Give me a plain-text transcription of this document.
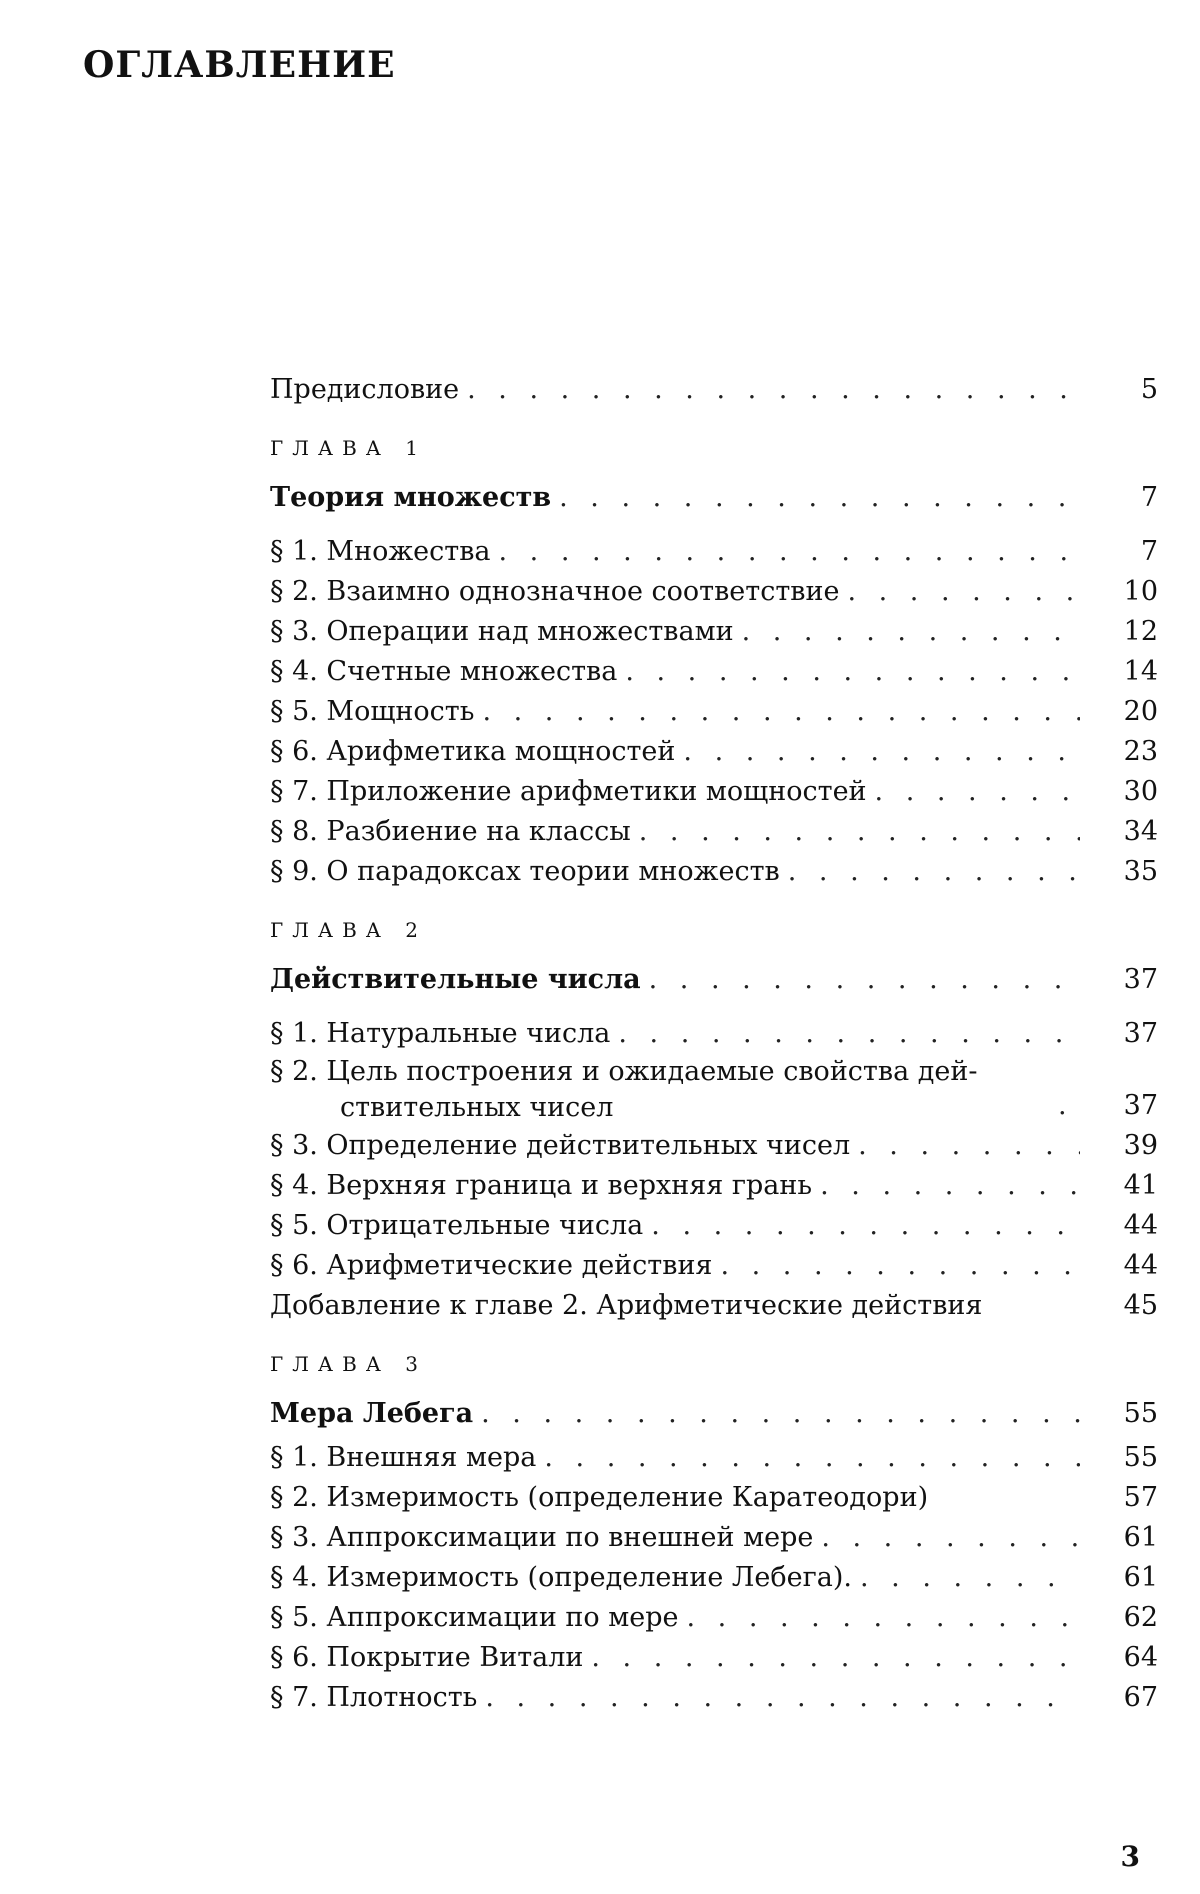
ОГЛАВЛЕНИЕ
Предисловие . . .	5
ГЛАВА 1
Теория множеств . . .	7
§ 1. Множества . . .	7
§ 2. Взаимно однозначное соответствие . . .	10
§ 3. Операции над множествами . . .	12
§ 4. Счетные множества . . .	14
§ 5. Мощность . . .	20
§ 6. Арифметика мощностей . . .	23
§ 7. Приложение арифметики мощностей . . .	30
§ 8. Разбиение на классы . . .	34
§ 9. О парадоксах теории множеств . . .	35
ГЛАВА 2
Действительные числа . . .	37
§ 1. Натуральные числа . . .	37
§ 2. Цель построения и ожидаемые свойства дей-
ствительных чисел . . .	37
§ 3. Определение действительных чисел . . .	39
§ 4. Верхняя граница и верхняя грань . . .	41
§ 5. Отрицательные числа . . .	44
§ 6. Арифметические действия . . .	44
Добавление к главе 2. Арифметические действия	45
ГЛАВА 3
Мера Лебега . . .	55
§ 1. Внешняя мера . . .	55
§ 2. Измеримость (определение Каратеодори)	57
§ 3. Аппроксимации по внешней мере . . .	61
§ 4. Измеримость (определение Лебега). . . .	61
§ 5. Аппроксимации по мере . . .	62
§ 6. Покрытие Витали . . .	64
§ 7. Плотность . . .	67

3
